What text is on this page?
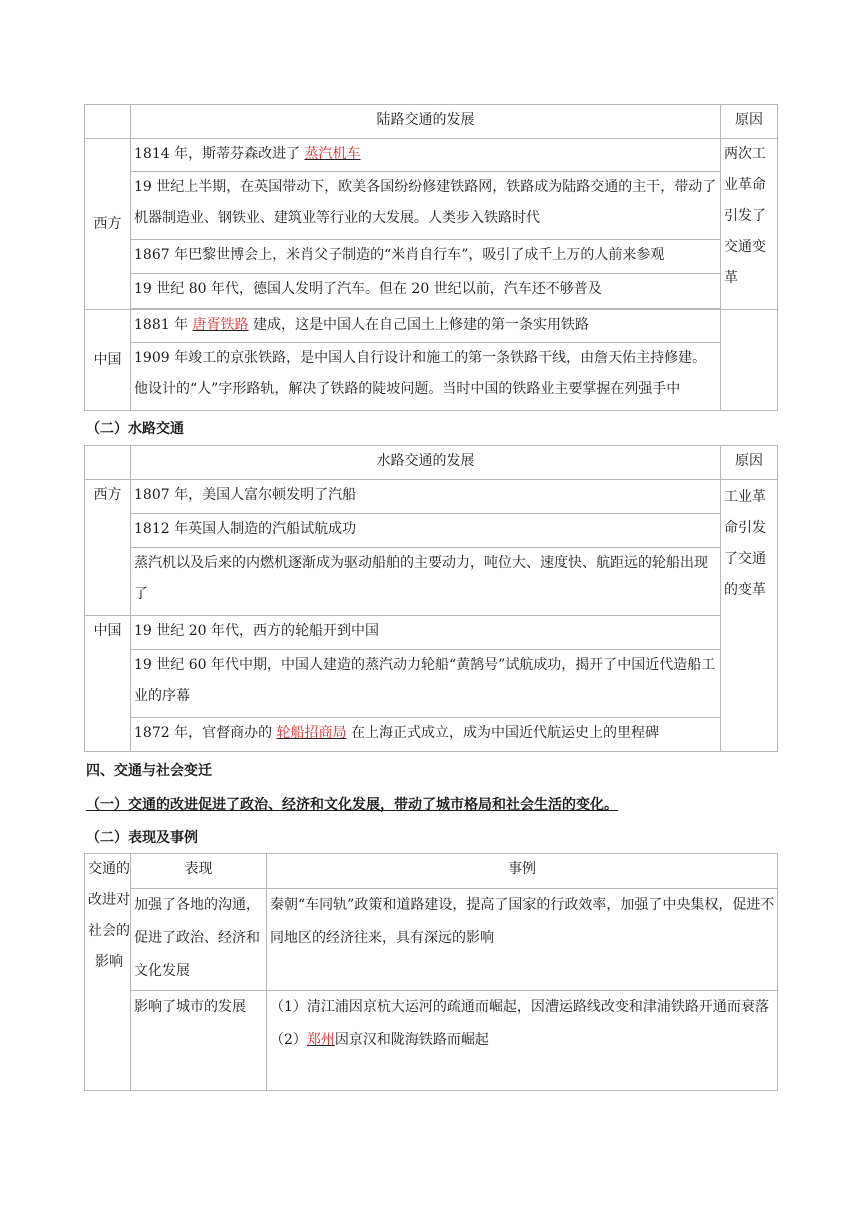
	陆路交通的发展	原因
西方	1814 年，斯蒂芬森改进了 蒸汽机车	两次工业革命引发了交通变革
	19 世纪上半期，在英国带动下，欧美各国纷纷修建铁路网，铁路成为陆路交通的主干，带动了机器制造业、钢铁业、建筑业等行业的大发展。人类步入铁路时代	
	1867 年巴黎世博会上，米肖父子制造的“米肖自行车”，吸引了成千上万的人前来参观	
	19 世纪 80 年代，德国人发明了汽车。但在 20 世纪以前，汽车还不够普及	

中国	1881 年 唐胥铁路 建成，这是中国人在自己国土上修建的第一条实用铁路	
	1909 年竣工的京张铁路，是中国人自行设计和施工的第一条铁路干线，由詹天佑主持修建。他设计的“人”字形路轨，解决了铁路的陡坡问题。当时中国的铁路业主要掌握在列强手中	
（二）水路交通
	水路交通的发展	原因
西方	1807 年，美国人富尔顿发明了汽船	工业革命引发了交通的变革
	1812 年英国人制造的汽船试航成功	
	蒸汽机以及后来的内燃机逐渐成为驱动船舶的主要动力，吨位大、速度快、航距远的轮船出现了	
中国	19 世纪 20 年代，西方的轮船开到中国	
	19 世纪 60 年代中期，中国人建造的蒸汽动力轮船“黄鹄号”试航成功，揭开了中国近代造船工业的序幕	
	1872 年，官督商办的 轮船招商局 在上海正式成立，成为中国近代航运史上的里程碑	
四、交通与社会变迁
（一）交通的改进促进了政治、经济和文化发展，带动了城市格局和社会生活的变化。
（二）表现及事例
交通的改进对社会的影响	表现	事例
	加强了各地的沟通，促进了政治、经济和文化发展	秦朝“车同轨”政策和道路建设，提高了国家的行政效率，加强了中央集权，促进不同地区的经济往来，具有深远的影响
	影响了城市的发展	（1）清江浦因京杭大运河的疏通而崛起，因漕运路线改变和津浦铁路开通而衰落
（2）郑州因京汉和陇海铁路而崛起
